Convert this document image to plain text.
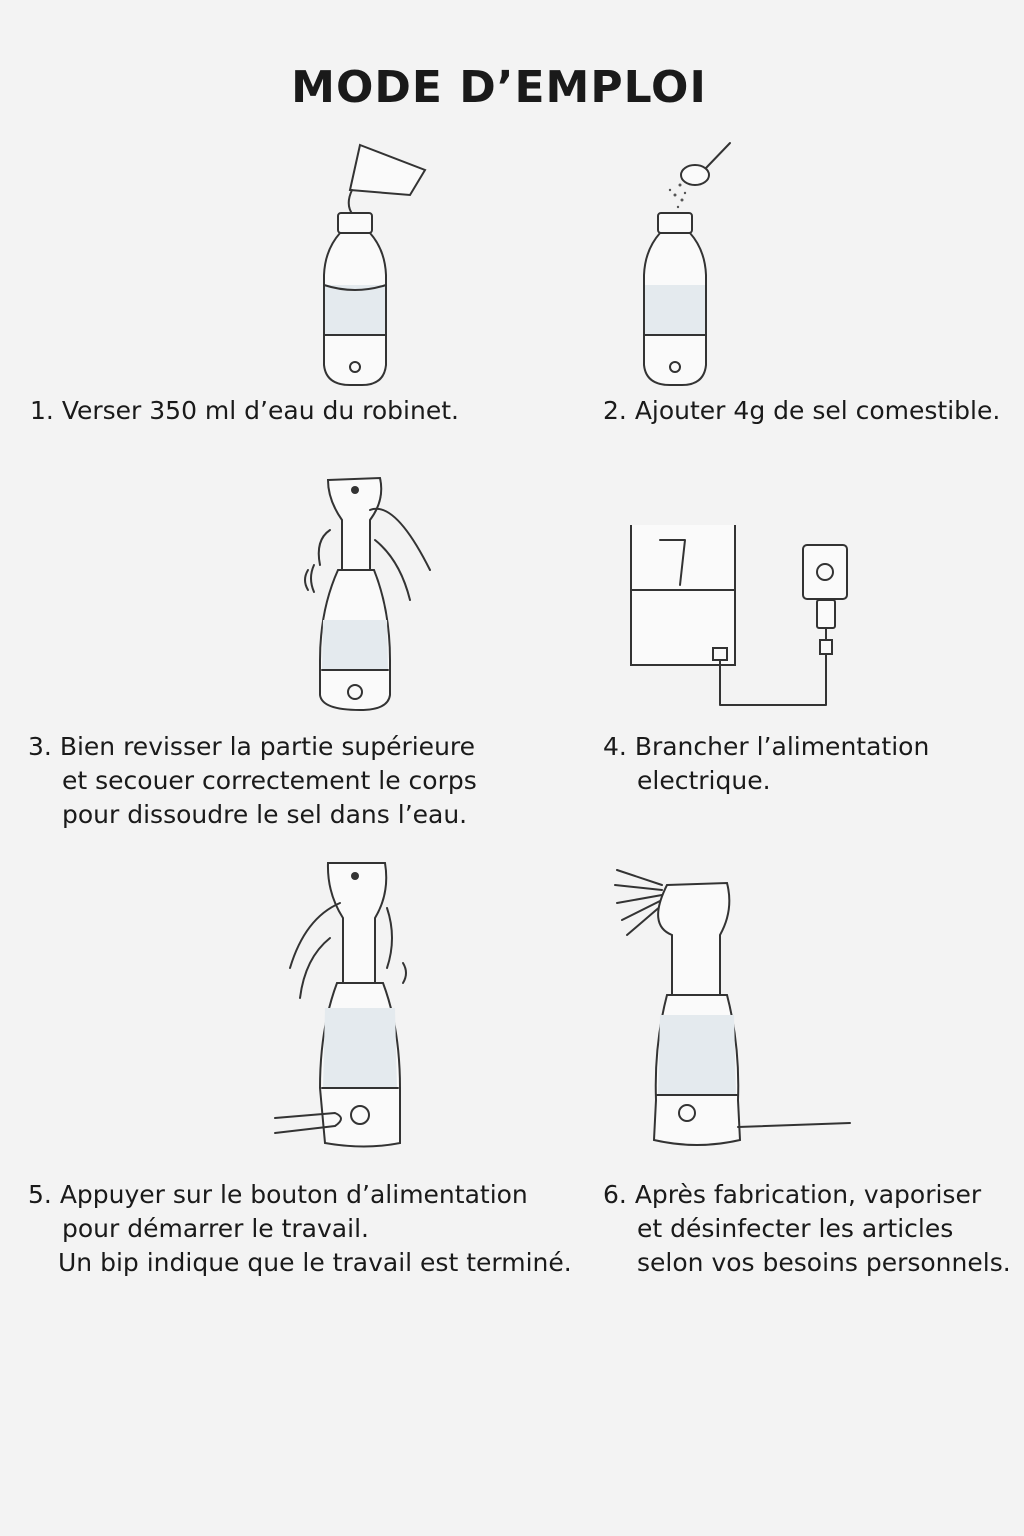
MODE D’EMPLOI
1. Verser 350 ml d’eau du robinet.	2. Ajouter 4g de sel comestible.
3. Bien revisser la partie supérieure
et secouer correctement le corps
pour dissoudre le sel dans l’eau.
4. Brancher l’alimentation
electrique.
5. Appuyer sur le bouton d’alimentation
pour démarrer le travail.
Un bip indique que le travail est terminé.
6. Après fabrication, vaporiser
et désinfecter les articles
selon vos besoins personnels.
